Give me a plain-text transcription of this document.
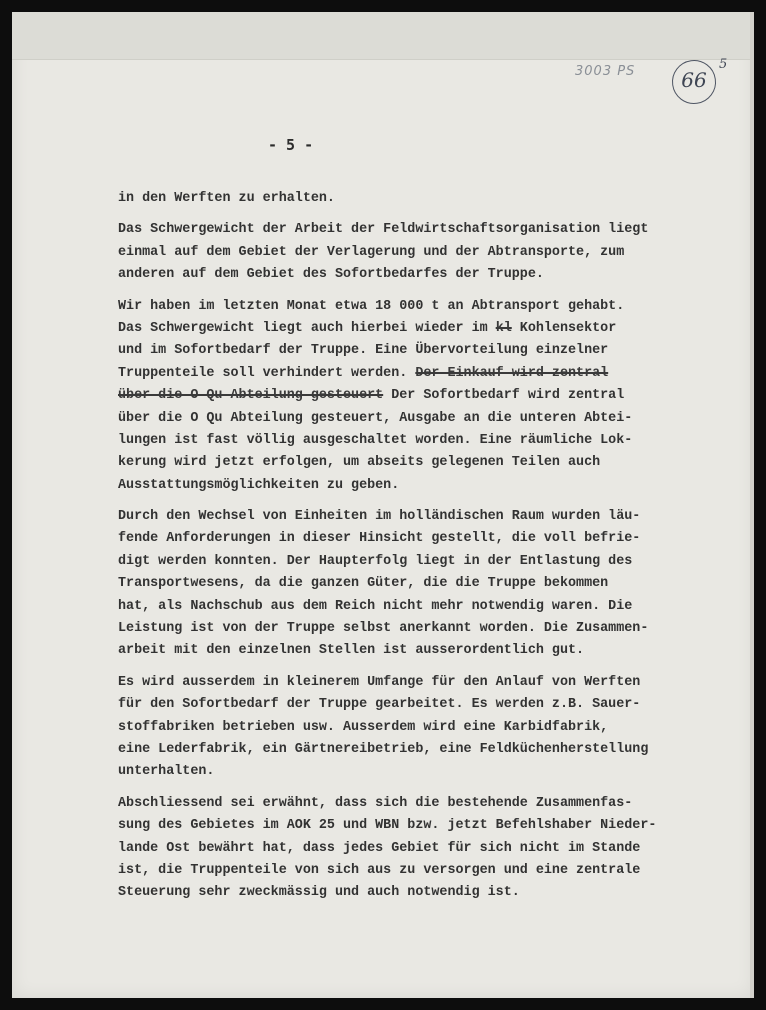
3003 PS 66
5
- 5 -
in den Werften zu erhalten.
Das Schwergewicht der Arbeit der Feldwirtschaftsorganisation liegt
einmal auf dem Gebiet der Verlagerung und der Abtransporte, zum
anderen auf dem Gebiet des Sofortbedarfes der Truppe.
Wir haben im letzten Monat etwa 18 000 t an Abtransport gehabt.
Das Schwergewicht liegt auch hierbei wieder im kl Kohlensektor
und im Sofortbedarf der Truppe. Eine Übervorteilung einzelner
Truppenteile soll verhindert werden. Der Einkauf wird zentral
über die O Qu Abteilung gesteuert Der Sofortbedarf wird zentral
über die O Qu Abteilung gesteuert, Ausgabe an die unteren Abtei-
lungen ist fast völlig ausgeschaltet worden. Eine räumliche Lok-
kerung wird jetzt erfolgen, um abseits gelegenen Teilen auch
Ausstattungsmöglichkeiten zu geben.
Durch den Wechsel von Einheiten im holländischen Raum wurden läu-
fende Anforderungen in dieser Hinsicht gestellt, die voll befrie-
digt werden konnten. Der Haupterfolg liegt in der Entlastung des
Transportwesens, da die ganzen Güter, die die Truppe bekommen
hat, als Nachschub aus dem Reich nicht mehr notwendig waren. Die
Leistung ist von der Truppe selbst anerkannt worden. Die Zusammen-
arbeit mit den einzelnen Stellen ist ausserordentlich gut.
Es wird ausserdem in kleinerem Umfange für den Anlauf von Werften
für den Sofortbedarf der Truppe gearbeitet. Es werden z.B. Sauer-
stoffabriken betrieben usw. Ausserdem wird eine Karbidfabrik,
eine Lederfabrik, ein Gärtnereibetrieb, eine Feldküchenherstellung
unterhalten.
Abschliessend sei erwähnt, dass sich die bestehende Zusammenfas-
sung des Gebietes im AOK 25 und WBN bzw. jetzt Befehlshaber Nieder-
lande Ost bewährt hat, dass jedes Gebiet für sich nicht im Stande
ist, die Truppenteile von sich aus zu versorgen und eine zentrale
Steuerung sehr zweckmässig und auch notwendig ist.
